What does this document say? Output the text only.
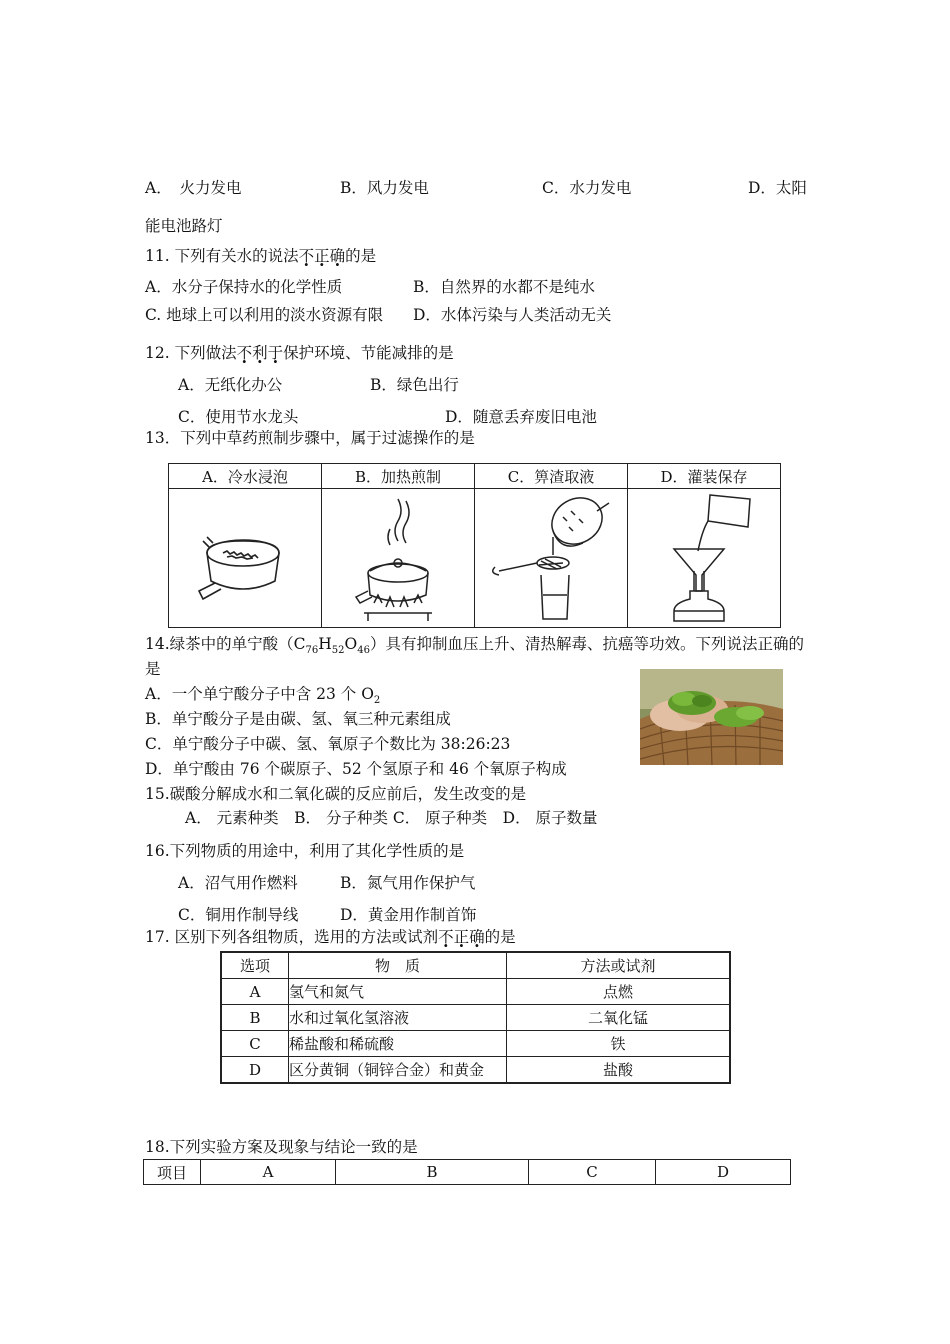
A．　火力发电	B．风力发电	C．水力发电	D．太阳
能电池路灯
11. 下列有关水的说法不正确的是
A．水分子保持水的化学性质	B．自然界的水都不是纯水
C. 地球上可以利用的淡水资源有限 D．水体污染与人类活动无关
12. 下列做法不利于保护环境、节能减排的是
A．无纸化办公	B．绿色出行
C．使用节水龙头	D．随意丢弃废旧电池
13．下列中草药煎制步骤中，属于过滤操作的是
A．冷水浸泡	B．加热煎制	C．箅渣取液	D．灌装保存

14.绿茶中的单宁酸$(C_{76}H_{52}O_{46})$具有抑制血压上升、清热解毒、抗癌等功效。下列说法正确的
是
A．一个单宁酸分子中含 23 个 $O_2$
B．单宁酸分子是由碳、氢、氧三种元素组成
C．单宁酸分子中碳、氢、氧原子个数比为 38:26:23
D．单宁酸由 76 个碳原子、52 个氢原子和 46 个氧原子构成
15.碳酸分解成水和二氧化碳的反应前后，发生改变的是
A． 元素种类　B． 分子种类 C． 原子种类　D． 原子数量
16.下列物质的用途中，利用了其化学性质的是
A．沼气用作燃料	B．氮气用作保护气
C．铜用作制导线	D．黄金用作制首饰
17. 区别下列各组物质，选用的方法或试剂不正确的是
选项	物　质	方法或试剂
A	氢气和氮气	点燃
B	水和过氧化氢溶液	二氧化锰
C	稀盐酸和稀硫酸	铁
D	区分黄铜（铜锌合金）和黄金	盐酸
18.下列实验方案及现象与结论一致的是
项目	A	B	C	D
